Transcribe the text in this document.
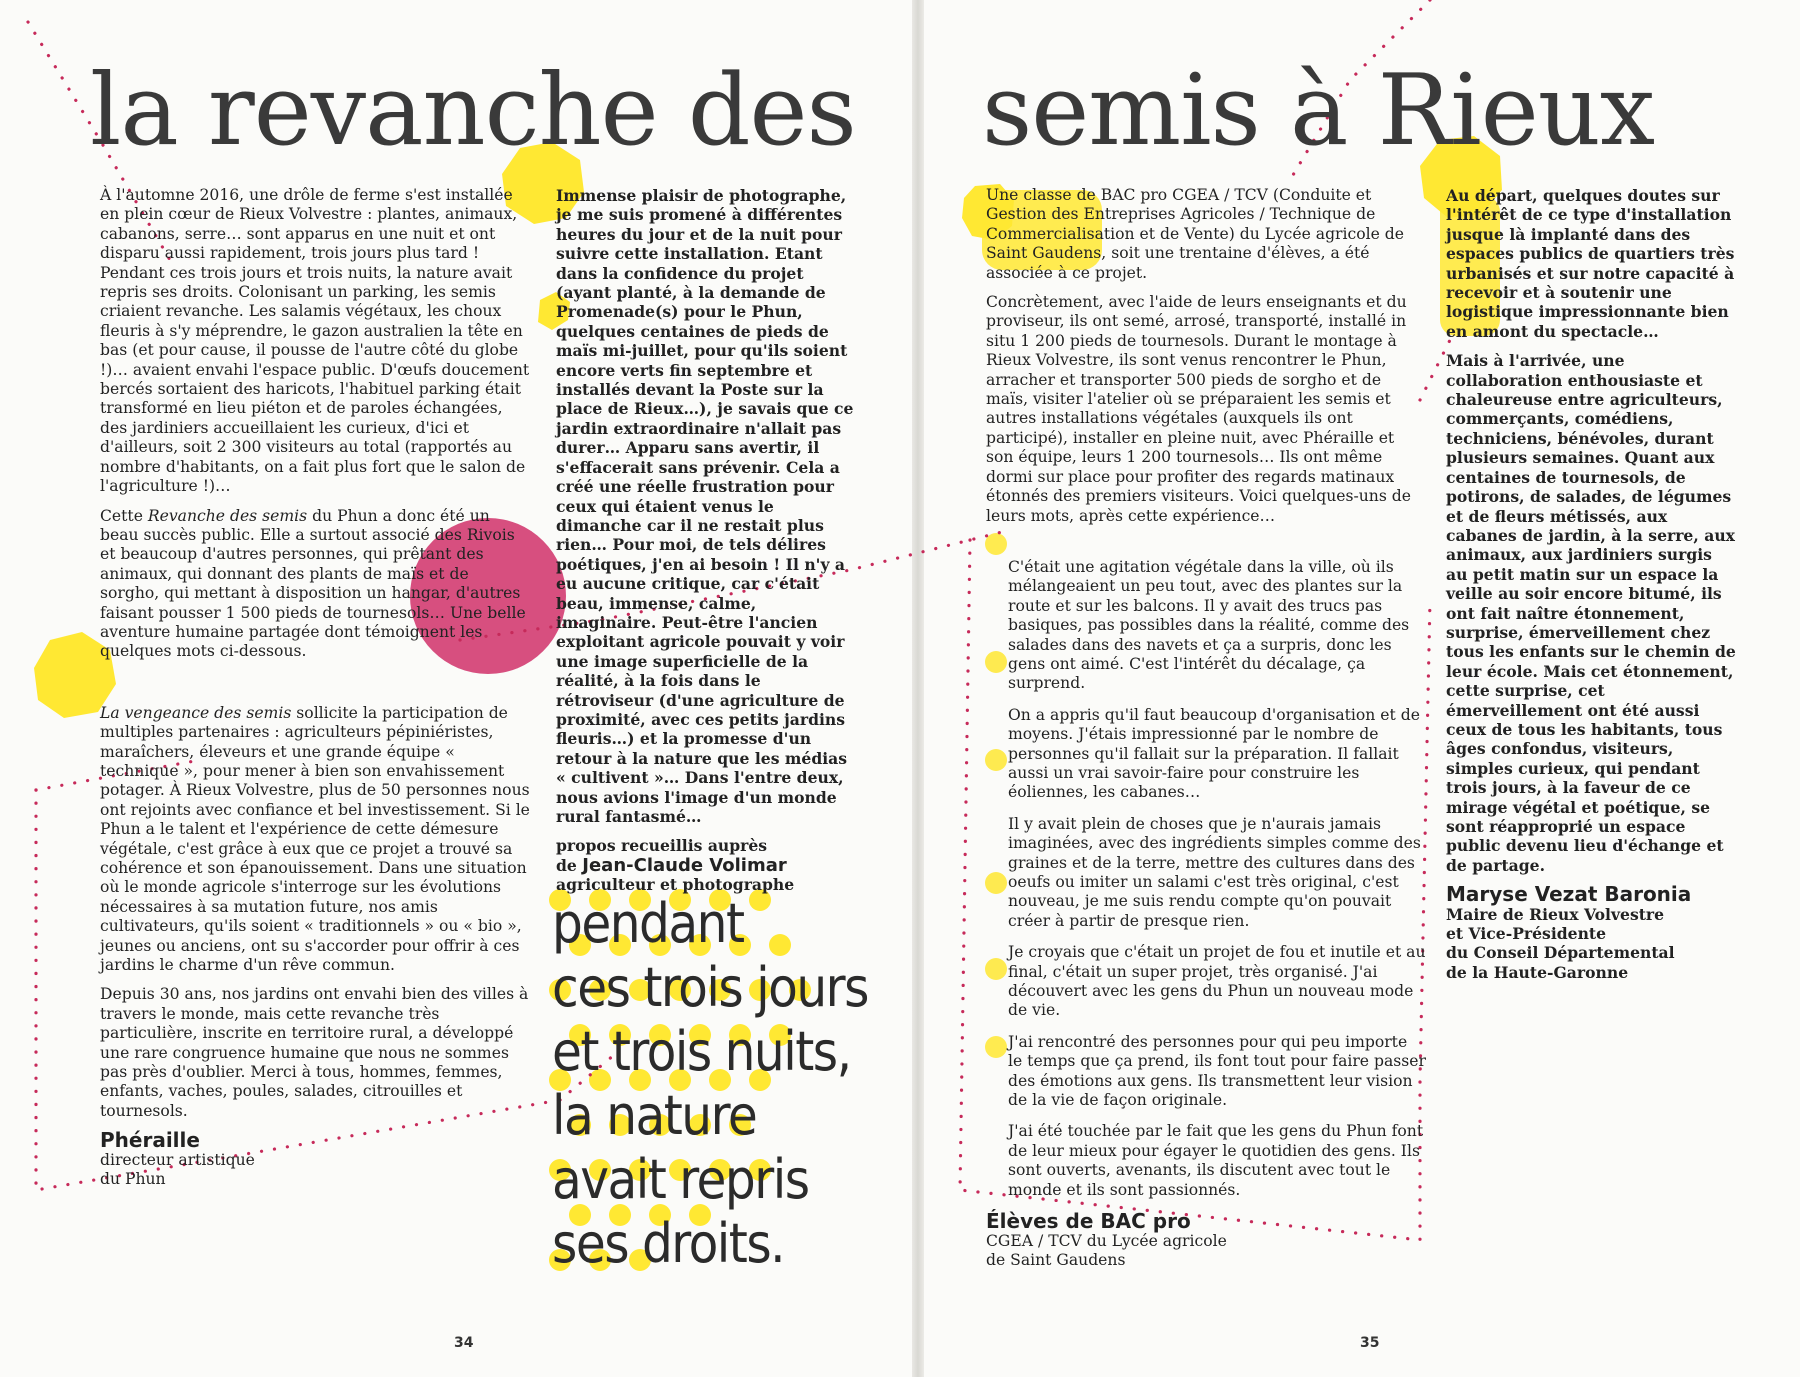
la revanche des semis à Rieux

À l'automne 2016, une drôle de ferme s'est installée en plein cœur de Rieux Volvestre : plantes, animaux, cabanons, serre… sont apparus en une nuit et ont disparu aussi rapidement, trois jours plus tard ! Pendant ces trois jours et trois nuits, la nature avait repris ses droits. Colonisant un parking, les semis criaient revanche. Les salamis végétaux, les choux fleuris à s'y méprendre, le gazon australien la tête en bas (et pour cause, il pousse de l'autre côté du globe !)… avaient envahi l'espace public. D'œufs doucement bercés sortaient des haricots, l'habituel parking était transformé en lieu piéton et de paroles échangées, des jardiniers accueillaient les curieux, d'ici et d'ailleurs, soit 2 300 visiteurs au total (rapportés au nombre d'habitants, on a fait plus fort que le salon de l'agriculture !)…

Cette Revanche des semis du Phun a donc été un beau succès public. Elle a surtout associé des Rivois et beaucoup d'autres personnes, qui prêtant des animaux, qui donnant des plants de maïs et de sorgho, qui mettant à disposition un hangar, d'autres faisant pousser 1 500 pieds de tournesols… Une belle aventure humaine partagée dont témoignent les quelques mots ci-dessous.

La vengeance des semis sollicite la participation de multiples partenaires : agriculteurs pépiniéristes, maraîchers, éleveurs et une grande équipe « technique », pour mener à bien son envahissement potager. À Rieux Volvestre, plus de 50 personnes nous ont rejoints avec confiance et bel investissement. Si le Phun a le talent et l'expérience de cette démesure végétale, c'est grâce à eux que ce projet a trouvé sa cohérence et son épanouissement. Dans une situation où le monde agricole s'interroge sur les évolutions nécessaires à sa mutation future, nos amis cultivateurs, qu'ils soient « traditionnels » ou « bio », jeunes ou anciens, ont su s'accorder pour offrir à ces jardins le charme d'un rêve commun.

Depuis 30 ans, nos jardins ont envahi bien des villes à travers le monde, mais cette revanche très particulière, inscrite en territoire rural, a développé une rare congruence humaine que nous ne sommes pas près d'oublier. Merci à tous, hommes, femmes, enfants, vaches, poules, salades, citrouilles et tournesols.

Phéraille
directeur artistique
du Phun

Immense plaisir de photographe, je me suis promené à différentes heures du jour et de la nuit pour suivre cette installation. Etant dans la confidence du projet (ayant planté, à la demande de Promenade(s) pour le Phun, quelques centaines de pieds de maïs mi-juillet, pour qu'ils soient encore verts fin septembre et installés devant la Poste sur la place de Rieux…), je savais que ce jardin extraordinaire n'allait pas durer… Apparu sans avertir, il s'effacerait sans prévenir. Cela a créé une réelle frustration pour ceux qui étaient venus le dimanche car il ne restait plus rien… Pour moi, de tels délires poétiques, j'en ai besoin ! Il n'y a eu aucune critique, car c'était beau, immense, calme, imaginaire. Peut-être l'ancien exploitant agricole pouvait y voir une image superficielle de la réalité, à la fois dans le rétroviseur (d'une agriculture de proximité, avec ces petits jardins fleuris…) et la promesse d'un retour à la nature que les médias « cultivent »… Dans l'entre deux, nous avions l'image d'un monde rural fantasmé…

propos recueillis auprès
de Jean-Claude Volimar
agriculteur et photographe
pendant
ces trois jours
et trois nuits,
la nature
avait repris
ses droits.

Une classe de BAC pro CGEA / TCV (Conduite et Gestion des Entreprises Agricoles / Technique de Commercialisation et de Vente) du Lycée agricole de Saint Gaudens, soit une trentaine d'élèves, a été associée à ce projet.

Concrètement, avec l'aide de leurs enseignants et du proviseur, ils ont semé, arrosé, transporté, installé in situ 1 200 pieds de tournesols. Durant le montage à Rieux Volvestre, ils sont venus rencontrer le Phun, arracher et transporter 500 pieds de sorgho et de maïs, visiter l'atelier où se préparaient les semis et autres installations végétales (auxquels ils ont participé), installer en pleine nuit, avec Phéraille et son équipe, leurs 1 200 tournesols… Ils ont même dormi sur place pour profiter des regards matinaux étonnés des premiers visiteurs. Voici quelques-uns de leurs mots, après cette expérience…

C'était une agitation végétale dans la ville, où ils mélangeaient un peu tout, avec des plantes sur la route et sur les balcons. Il y avait des trucs pas basiques, pas possibles dans la réalité, comme des salades dans des navets et ça a surpris, donc les gens ont aimé. C'est l'intérêt du décalage, ça surprend.
On a appris qu'il faut beaucoup d'organisation et de moyens. J'étais impressionné par le nombre de personnes qu'il fallait sur la préparation. Il fallait aussi un vrai savoir-faire pour construire les éoliennes, les cabanes…
Il y avait plein de choses que je n'aurais jamais imaginées, avec des ingrédients simples comme des graines et de la terre, mettre des cultures dans des oeufs ou imiter un salami c'est très original, c'est nouveau, je me suis rendu compte qu'on pouvait créer à partir de presque rien.
Je croyais que c'était un projet de fou et inutile et au final, c'était un super projet, très organisé. J'ai découvert avec les gens du Phun un nouveau mode de vie.
J'ai rencontré des personnes pour qui peu importe le temps que ça prend, ils font tout pour faire passer des émotions aux gens. Ils transmettent leur vision de la vie de façon originale.
J'ai été touchée par le fait que les gens du Phun font de leur mieux pour égayer le quotidien des gens. Ils sont ouverts, avenants, ils discutent avec tout le monde et ils sont passionnés.
Élèves de BAC pro
CGEA / TCV du Lycée agricole
de Saint Gaudens

Au départ, quelques doutes sur l'intérêt de ce type d'installation jusque là implanté dans des espaces publics de quartiers très urbanisés et sur notre capacité à recevoir et à soutenir une logistique impressionnante bien en amont du spectacle…

Mais à l'arrivée, une collaboration enthousiaste et chaleureuse entre agriculteurs, commerçants, comédiens, techniciens, bénévoles, durant plusieurs semaines. Quant aux centaines de tournesols, de potirons, de salades, de légumes et de fleurs métissés, aux cabanes de jardin, à la serre, aux animaux, aux jardiniers surgis au petit matin sur un espace la veille au soir encore bitumé, ils ont fait naître étonnement, surprise, émerveillement chez tous les enfants sur le chemin de leur école. Mais cet étonnement, cette surprise, cet émerveillement ont été aussi ceux de tous les habitants, tous âges confondus, visiteurs, simples curieux, qui pendant trois jours, à la faveur de ce mirage végétal et poétique, se sont réapproprié un espace public devenu lieu d'échange et de partage.

Maryse Vezat Baronia
Maire de Rieux Volvestre
et Vice-Présidente
du Conseil Départemental
de la Haute-Garonne
34	35
